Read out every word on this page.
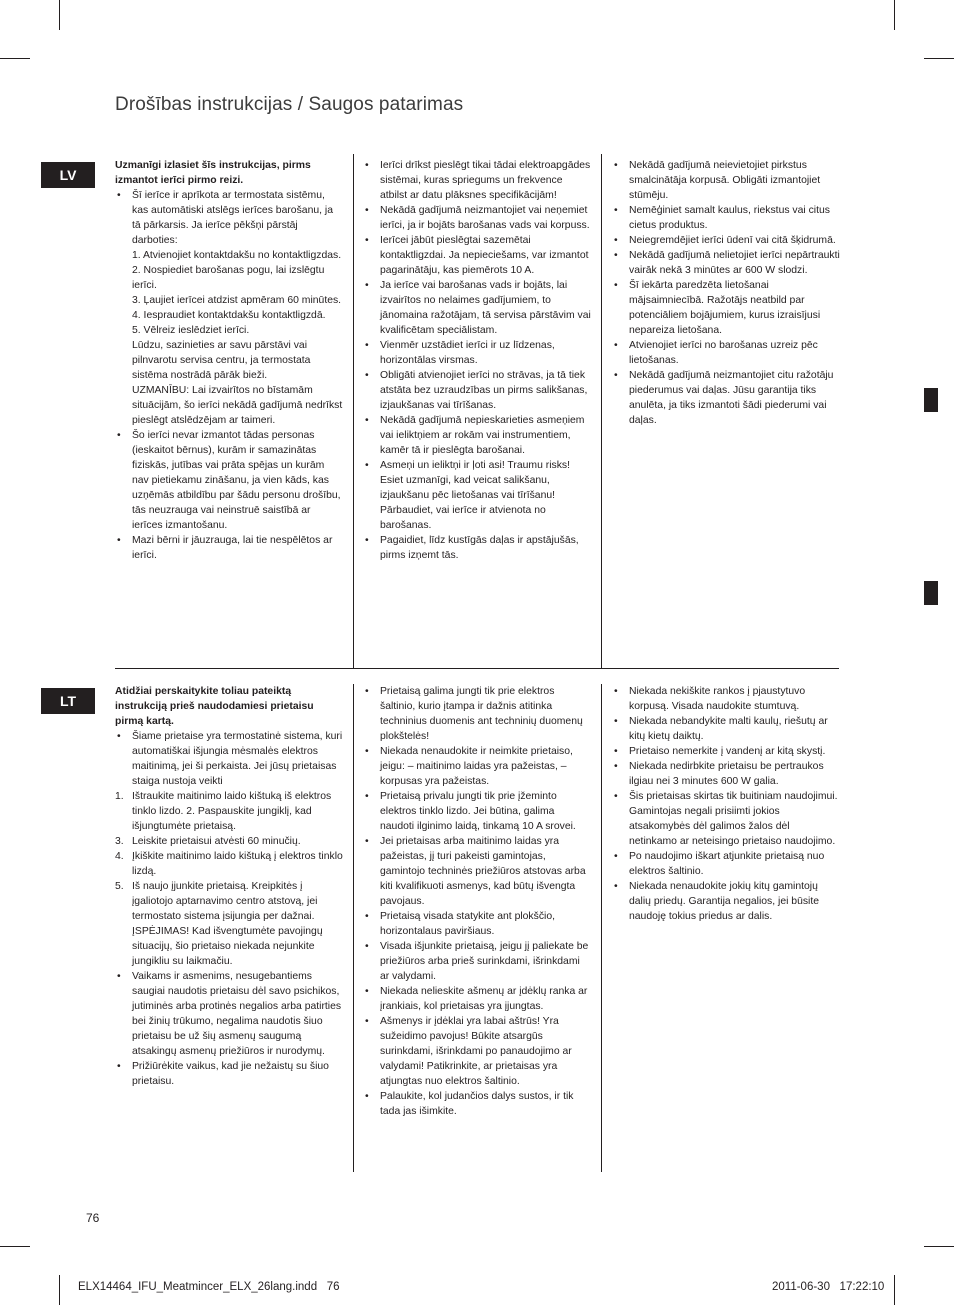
Drošības instrukcijas / Saugos patarimas
LV

Uzmanīgi izlasiet šīs instrukcijas, pirms izmantot ierīci pirmo reizi.

• Šī ierīce ir aprīkota ar termostata sistēmu, kas automātiski atslēgs ierīces barošanu, ja tā pārkarsis. Ja ierīce pēkšņi pārstāj darboties:
1. Atvienojiet kontaktdakšu no kontaktligzdas.
2. Nospiediet barošanas pogu, lai izslēgtu ierīci.
3. Ļaujiet ierīcei atdzist apmēram 60 minūtes.
4. Iespraudiet kontaktdakšu kontaktligzdā.
5. Vēlreiz ieslēdziet ierīci.
Lūdzu, sazinieties ar savu pārstāvi vai pilnvarotu servisa centru, ja termostata sistēma nostrādā pārāk bieži.
UZMANĪBU: Lai izvairītos no bīstamām situācijām, šo ierīci nekādā gadījumā nedrīkst pieslēgt atslēdzējam ar taimeri.
• Šo ierīci nevar izmantot tādas personas (ieskaitot bērnus), kurām ir samazinātas fiziskās, jutības vai prāta spējas un kurām nav pietiekamu zināšanu, ja vien kāds, kas uzņēmās atbildību par šādu personu drošību, tās neuzrauga vai neinstruē saistībā ar ierīces izmantošanu.
• Mazi bērni ir jāuzrauga, lai tie nespēlētos ar ierīci.
• Ierīci drīkst pieslēgt tikai tādai elektroapgādes sistēmai, kuras spriegums un frekvence atbilst ar datu plāksnes specifikācijām!
• Nekādā gadījumā neizmantojiet vai neņemiet ierīci, ja ir bojāts barošanas vads vai korpuss.
• Ierīcei jābūt pieslēgtai sazemētai kontaktligzdai. Ja nepieciešams, var izmantot pagarinātāju, kas piemērots 10 A.
• Ja ierīce vai barošanas vads ir bojāts, lai izvairītos no nelaimes gadījumiem, to jānomaina ražotājam, tā servisa pārstāvim vai kvalificētam speciālistam.
• Vienmēr uzstādiet ierīci ir uz līdzenas, horizontālas virsmas.
• Obligāti atvienojiet ierīci no strāvas, ja tā tiek atstāta bez uzraudzības un pirms salikšanas, izjaukšanas vai tīrīšanas.
• Nekādā gadījumā nepieskarieties asmeņiem vai ieliktņiem ar rokām vai instrumentiem, kamēr tā ir pieslēgta barošanai.
• Asmeņi un ieliktņi ir ļoti asi! Traumu risks! Esiet uzmanīgi, kad veicat salikšanu, izjaukšanu pēc lietošanas vai tīrīšanu! Pārbaudiet, vai ierīce ir atvienota no barošanas.
• Pagaidiet, līdz kustīgās daļas ir apstājušās, pirms izņemt tās.
• Nekādā gadījumā neievietojiet pirkstus smalcinātāja korpusā. Obligāti izmantojiet stūmēju.
• Nemēģiniet samalt kaulus, riekstus vai citus cietus produktus.
• Neiegremdējiet ierīci ūdenī vai citā šķidrumā.
• Nekādā gadījumā nelietojiet ierīci nepārtraukti vairāk nekā 3 minūtes ar 600 W slodzi.
• Šī iekārta paredzēta lietošanai mājsaimniecībā. Ražotājs neatbild par potenciāliem bojājumiem, kurus izraisījusi nepareiza lietošana.
• Atvienojiet ierīci no barošanas uzreiz pēc lietošanas.
• Nekādā gadījumā neizmantojiet citu ražotāju piederumus vai daļas. Jūsu garantija tiks anulēta, ja tiks izmantoti šādi piederumi vai daļas.
LT

Atidžiai perskaitykite toliau pateiktą instrukciją prieš naudodamiesi prietaisu pirmą kartą.

• Šiame prietaise yra termostatinė sistema, kuri automatiškai išjungia mėsmalės elektros maitinimą, jei ši perkaista. Jei jūsų prietaisas staiga nustoja veikti
1. Ištraukite maitinimo laido kištuką iš elektros tinklo lizdo. 2. Paspauskite jungiklį, kad išjungtumėte prietaisą.
3. Leiskite prietaisui atvėsti 60 minučių.
4. Įkiškite maitinimo laido kištuką į elektros tinklo lizdą.
5. Iš naujo įjunkite prietaisą. Kreipkitės į įgaliotojo aptarnavimo centro atstovą, jei termostato sistema įsijungia per dažnai. ĮSPĖJIMAS! Kad išvengtumėte pavojingų situacijų, šio prietaiso niekada nejunkite jungikliu su laikmačiu.
• Vaikams ir asmenims, nesugebantiems saugiai naudotis prietaisu dėl savo psichikos, jutiminės arba protinės negalios arba patirties bei žinių trūkumo, negalima naudotis šiuo prietaisu be už šių asmenų saugumą atsakingų asmenų priežiūros ir nurodymų.
• Prižiūrėkite vaikus, kad jie nežaistų su šiuo prietaisu.
• Prietaisą galima jungti tik prie elektros šaltinio, kurio įtampa ir dažnis atitinka techninius duomenis ant techninių duomenų plokštelės!
• Niekada nenaudokite ir neimkite prietaiso, jeigu: – maitinimo laidas yra pažeistas, – korpusas yra pažeistas.
• Prietaisą privalu jungti tik prie įžeminto elektros tinklo lizdo. Jei būtina, galima naudoti ilginimo laidą, tinkamą 10 A srovei.
• Jei prietaisas arba maitinimo laidas yra pažeistas, jį turi pakeisti gamintojas, gamintojo techninės priežiūros atstovas arba kiti kvalifikuoti asmenys, kad būtų išvengta pavojaus.
• Prietaisą visada statykite ant plokščio, horizontalaus paviršiaus.
• Visada išjunkite prietaisą, jeigu jį paliekate be priežiūros arba prieš surinkdami, išrinkdami ar valydami.
• Niekada nelieskite ašmenų ar įdėklų ranka ar įrankiais, kol prietaisas yra įjungtas.
• Ašmenys ir įdėklai yra labai aštrūs! Yra sužeidimo pavojus! Būkite atsargūs surinkdami, išrinkdami po panaudojimo ar valydami! Patikrinkite, ar prietaisas yra atjungtas nuo elektros šaltinio.
• Palaukite, kol judančios dalys sustos, ir tik tada jas išimkite.
• Niekada nekiškite rankos į pjaustytuvo korpusą. Visada naudokite stumtuvą.
• Niekada nebandykite malti kaulų, riešutų ar kitų kietų daiktų.
• Prietaiso nemerkite į vandenį ar kitą skystį.
• Niekada nedirbkite prietaisu be pertraukos ilgiau nei 3 minutes 600 W galia.
• Šis prietaisas skirtas tik buitiniam naudojimui. Gamintojas negali prisiimti jokios atsakomybės dėl galimos žalos dėl netinkamo ar neteisingo prietaiso naudojimo.
• Po naudojimo iškart atjunkite prietaisą nuo elektros šaltinio.
• Niekada nenaudokite jokių kitų gamintojų dalių priedų. Garantija negalios, jei būsite naudoję tokius priedus ar dalis.
76
ELX14464_IFU_Meatmincer_ELX_26lang.indd   76	2011-06-30   17:22:10
